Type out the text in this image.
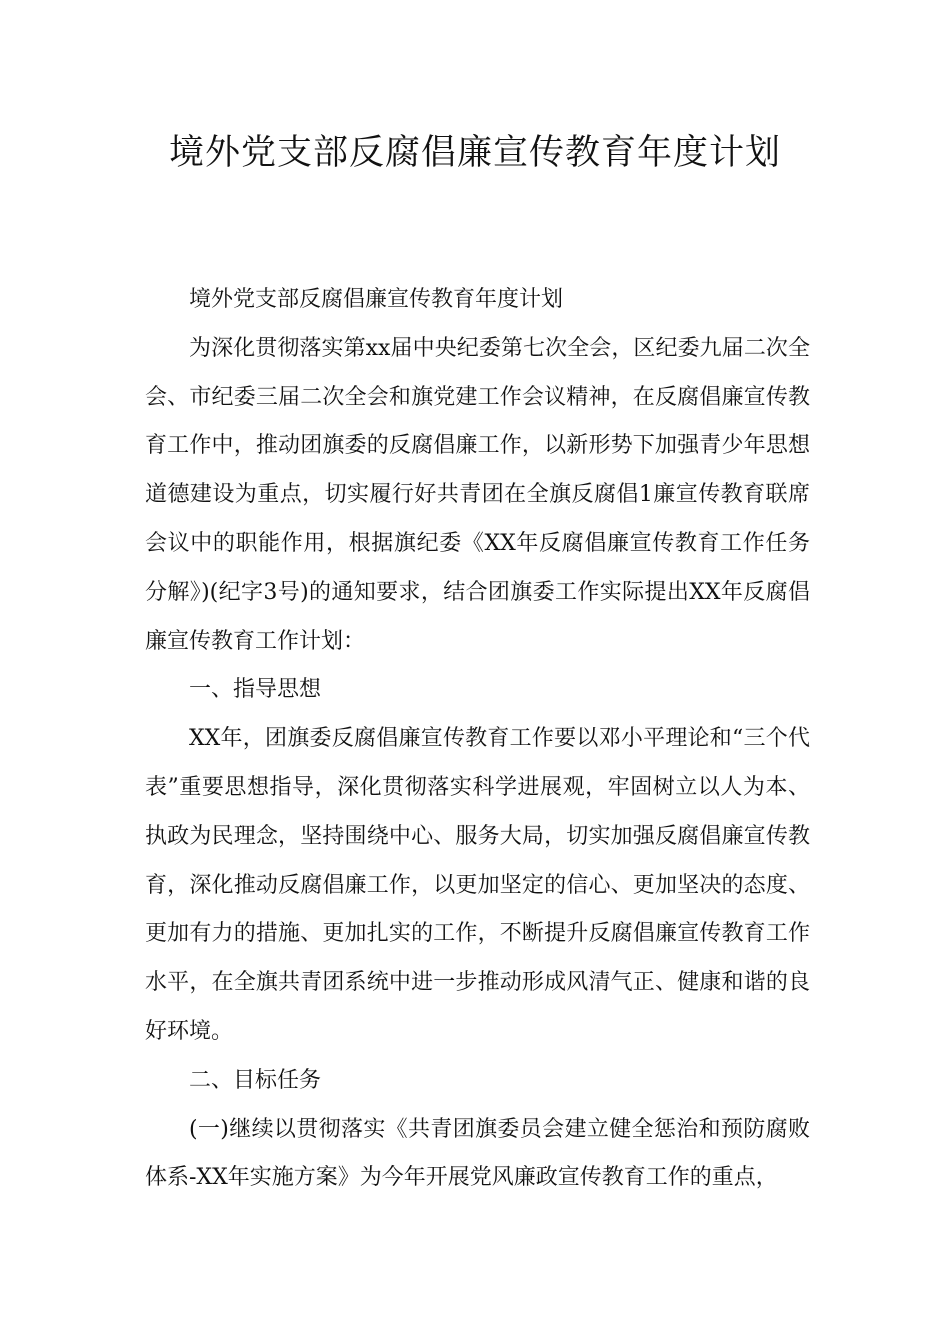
境外党支部反腐倡廉宣传教育年度计划

境外党支部反腐倡廉宣传教育年度计划

为深化贯彻落实第xx届中央纪委第七次全会，区纪委九届二次全会、市纪委三届二次全会和旗党建工作会议精神，在反腐倡廉宣传教育工作中，推动团旗委的反腐倡廉工作，以新形势下加强青少年思想道德建设为重点，切实履行好共青团在全旗反腐倡1廉宣传教育联席会议中的职能作用，根据旗纪委《XX年反腐倡廉宣传教育工作任务分解》)(纪字3号)的通知要求，结合团旗委工作实际提出XX年反腐倡廉宣传教育工作计划：

一、指导思想

XX年，团旗委反腐倡廉宣传教育工作要以邓小平理论和“三个代表”重要思想指导，深化贯彻落实科学进展观，牢固树立以人为本、执政为民理念，坚持围绕中心、服务大局，切实加强反腐倡廉宣传教育，深化推动反腐倡廉工作，以更加坚定的信心、更加坚决的态度、更加有力的措施、更加扎实的工作，不断提升反腐倡廉宣传教育工作水平，在全旗共青团系统中进一步推动形成风清气正、健康和谐的良好环境。

二、目标任务

(一)继续以贯彻落实《共青团旗委员会建立健全惩治和预防腐败体系-XX年实施方案》为今年开展党风廉政宣传教育工作的重点，
